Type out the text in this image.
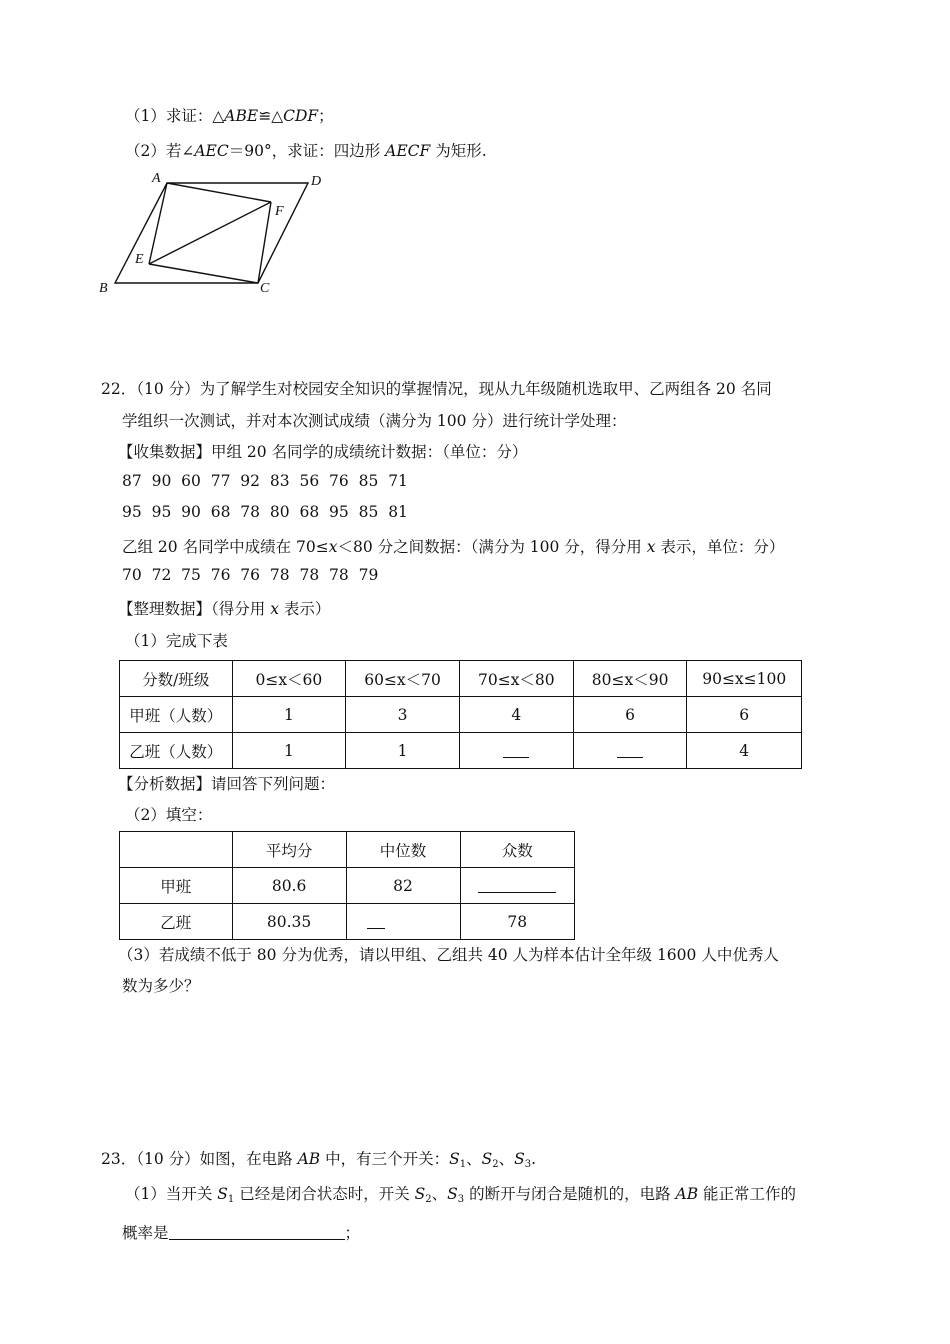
（1）求证：△ABE≌△CDF；
（2）若∠AEC＝90°，求证：四边形 AECF 为矩形.
A	D
F
E
B	C
22．（10 分）为了解学生对校园安全知识的掌握情况，现从九年级随机选取甲、乙两组各 20 名同
学组织一次测试，并对本次测试成绩（满分为 100 分）进行统计学处理：
【收集数据】甲组 20 名同学的成绩统计数据：（单位：分）
87  90  60  77  92  83  56  76  85  71
95  95  90  68  78  80  68  95  85  81
乙组 20 名同学中成绩在 70≤x＜80 分之间数据：（满分为 100 分，得分用 x 表示，单位：分）
70  72  75  76  76  78  78  78  79
【整理数据】（得分用 x 表示）
（1）完成下表
分数/班级	0≤x＜60	60≤x＜70	70≤x＜80	80≤x＜90	90≤x≤100
甲班（人数）	1	3	4	6	6
乙班（人数）	1	1			4
【分析数据】请回答下列问题：
（2）填空：
	平均分	中位数	众数
甲班	80.6	82	
乙班	80.35		78
（3）若成绩不低于 80 分为优秀，请以甲组、乙组共 40 人为样本估计全年级 1600 人中优秀人
数为多少？
23．（10 分）如图，在电路 AB 中，有三个开关：$S_1$、$S_2$、$S_3$.
（1）当开关 $S_1$ 已经是闭合状态时，开关 $S_2$、$S_3$ 的断开与闭合是随机的，电路 AB 能正常工作的
概率是	；
